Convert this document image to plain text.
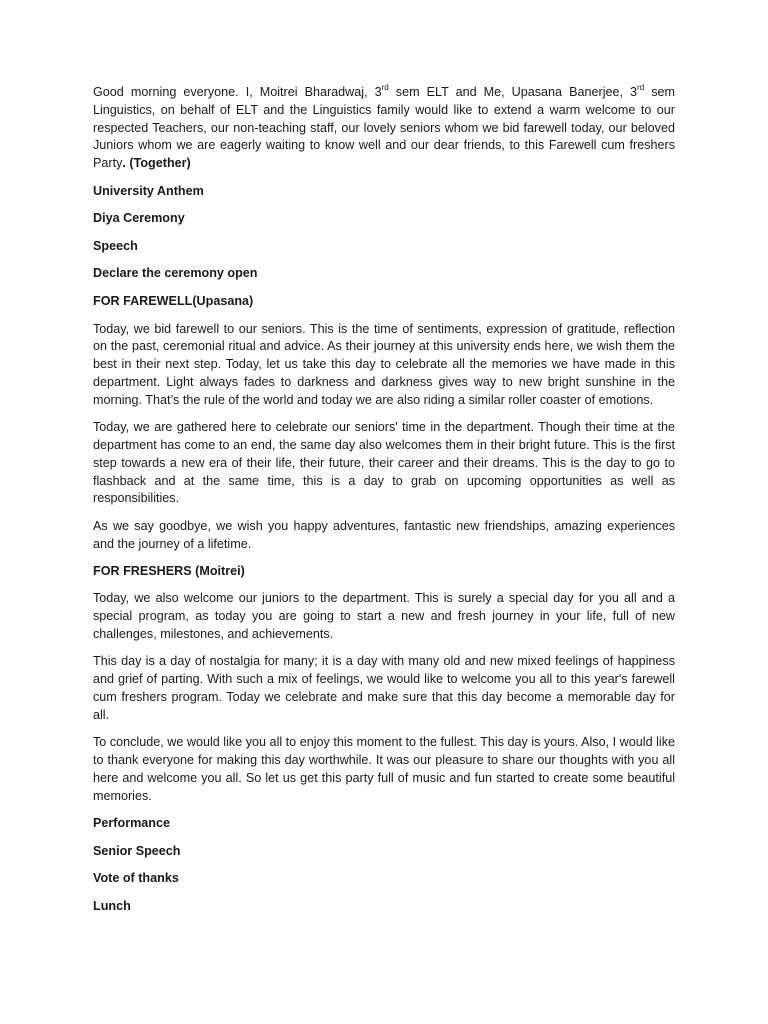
Good morning everyone. I, Moitrei Bharadwaj, 3rd sem ELT and Me, Upasana Banerjee, 3rd sem Linguistics, on behalf of ELT and the Linguistics family would like to extend a warm welcome to our respected Teachers, our non-teaching staff, our lovely seniors whom we bid farewell today, our beloved Juniors whom we are eagerly waiting to know well and our dear friends, to this Farewell cum freshers Party. (Together)

University Anthem

Diya Ceremony

Speech

Declare the ceremony open

FOR FAREWELL(Upasana)

Today, we bid farewell to our seniors. This is the time of sentiments, expression of gratitude, reflection on the past, ceremonial ritual and advice. As their journey at this university ends here, we wish them the best in their next step. Today, let us take this day to celebrate all the memories we have made in this department. Light always fades to darkness and darkness gives way to new bright sunshine in the morning. That’s the rule of the world and today we are also riding a similar roller coaster of emotions.

Today, we are gathered here to celebrate our seniors' time in the department. Though their time at the department has come to an end, the same day also welcomes them in their bright future. This is the first step towards a new era of their life, their future, their career and their dreams. This is the day to go to flashback and at the same time, this is a day to grab on upcoming opportunities as well as responsibilities.

As we say goodbye, we wish you happy adventures, fantastic new friendships, amazing experiences and the journey of a lifetime.

FOR FRESHERS (Moitrei)

Today, we also welcome our juniors to the department. This is surely a special day for you all and a special program, as today you are going to start a new and fresh journey in your life, full of new challenges, milestones, and achievements.

This day is a day of nostalgia for many; it is a day with many old and new mixed feelings of happiness and grief of parting. With such a mix of feelings, we would like to welcome you all to this year's farewell cum freshers program. Today we celebrate and make sure that this day become a memorable day for all.

To conclude, we would like you all to enjoy this moment to the fullest. This day is yours. Also, I would like to thank everyone for making this day worthwhile. It was our pleasure to share our thoughts with you all here and welcome you all. So let us get this party full of music and fun started to create some beautiful memories.

Performance

Senior Speech

Vote of thanks

Lunch
